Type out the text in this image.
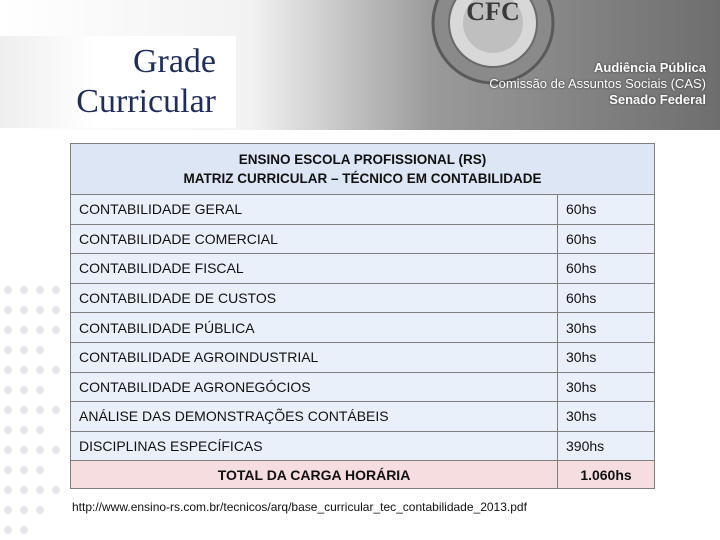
CFC
Audiência Pública
Comissão de Assuntos Sociais (CAS)
Senado Federal
Grade
Curricular
ENSINO ESCOLA PROFISSIONAL (RS)
MATRIZ CURRICULAR – TÉCNICO EM CONTABILIDADE	

CONTABILIDADE GERAL	60hs
CONTABILIDADE COMERCIAL	60hs
CONTABILIDADE FISCAL	60hs
CONTABILIDADE DE CUSTOS	60hs
CONTABILIDADE PÚBLICA	30hs
CONTABILIDADE AGROINDUSTRIAL	30hs
CONTABILIDADE AGRONEGÓCIOS	30hs
ANÁLISE DAS DEMONSTRAÇÕES CONTÁBEIS	30hs
DISCIPLINAS ESPECÍFICAS	390hs
TOTAL DA CARGA HORÁRIA	1.060hs
http://www.ensino-rs.com.br/tecnicos/arq/base_curricular_tec_contabilidade_2013.pdf
